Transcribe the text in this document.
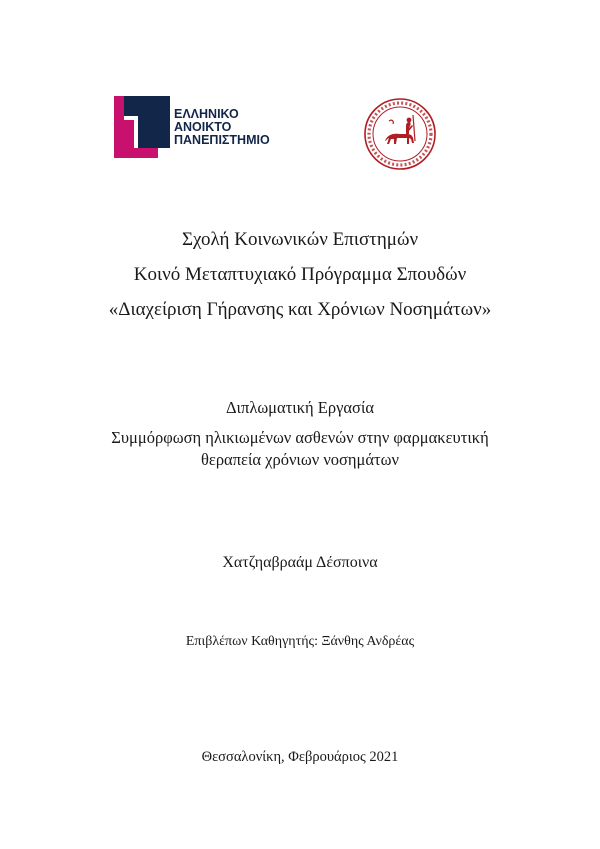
ΕΛΛΗΝΙΚΟ
ΑΝΟΙΚΤΟ
ΠΑΝΕΠΙΣΤΗΜΙΟ
Σχολή Κοινωνικών Επιστημών
Κοινό Μεταπτυχιακό Πρόγραμμα Σπουδών
«Διαχείριση Γήρανσης και Χρόνιων Νοσημάτων»
Διπλωματική Εργασία
Συμμόρφωση ηλικιωμένων ασθενών στην φαρμακευτική
θεραπεία χρόνιων νοσημάτων
Χατζηαβραάμ Δέσποινα
Επιβλέπων Καθηγητής: Ξάνθης Ανδρέας
Θεσσαλονίκη, Φεβρουάριος 2021
